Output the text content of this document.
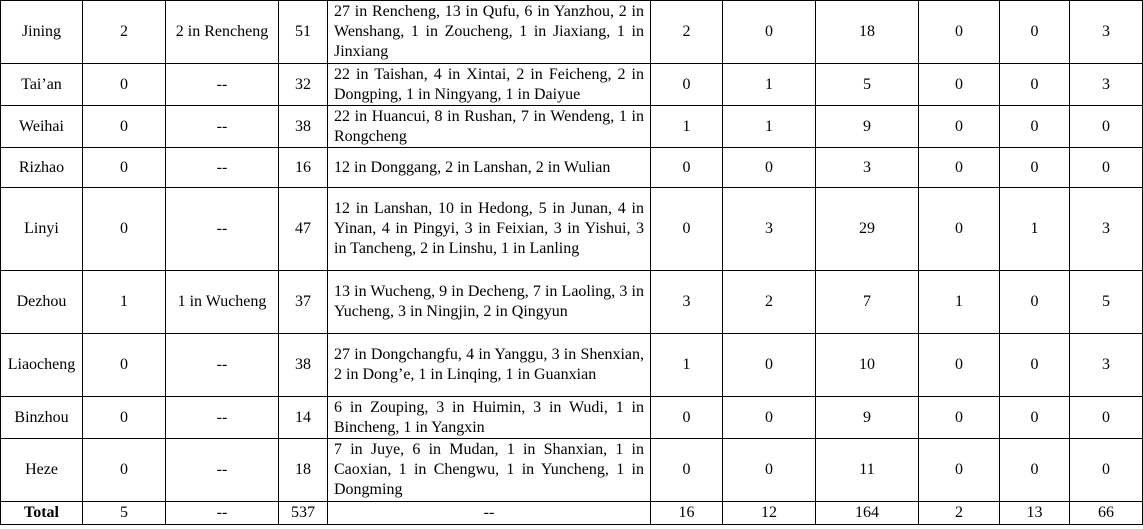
Jining	2	2 in Rencheng	51	27 in Rencheng, 13 in Qufu, 6 in Yanzhou, 2 in Wenshang, 1 in Zoucheng, 1 in Jiaxiang, 1 in Jinxiang	2	0	18	0	0	3
Tai’an	0	--	32	22 in Taishan, 4 in Xintai, 2 in Feicheng, 2 in Dongping, 1 in Ningyang, 1 in Daiyue	0	1	5	0	0	3
Weihai	0	--	38	22 in Huancui, 8 in Rushan, 7 in Wendeng, 1 in Rongcheng	1	1	9	0	0	0
Rizhao	0	--	16	12 in Donggang, 2 in Lanshan, 2 in Wulian	0	0	3	0	0	0
Linyi	0	--	47	12 in Lanshan, 10 in Hedong, 5 in Junan, 4 in Yinan, 4 in Pingyi, 3 in Feixian, 3 in Yishui, 3 in Tancheng, 2 in Linshu, 1 in Lanling	0	3	29	0	1	3
Dezhou	1	1 in Wucheng	37	13 in Wucheng, 9 in Decheng, 7 in Laoling, 3 in Yucheng, 3 in Ningjin, 2 in Qingyun	3	2	7	1	0	5
Liaocheng	0	--	38	27 in Dongchangfu, 4 in Yanggu, 3 in Shenxian, 2 in Dong’e, 1 in Linqing, 1 in Guanxian	1	0	10	0	0	3
Binzhou	0	--	14	6 in Zouping, 3 in Huimin, 3 in Wudi, 1 in Bincheng, 1 in Yangxin	0	0	9	0	0	0
Heze	0	--	18	7 in Juye, 6 in Mudan, 1 in Shanxian, 1 in Caoxian, 1 in Chengwu, 1 in Yuncheng, 1 in Dongming	0	0	11	0	0	0
Total	5	--	537	--	16	12	164	2	13	66
